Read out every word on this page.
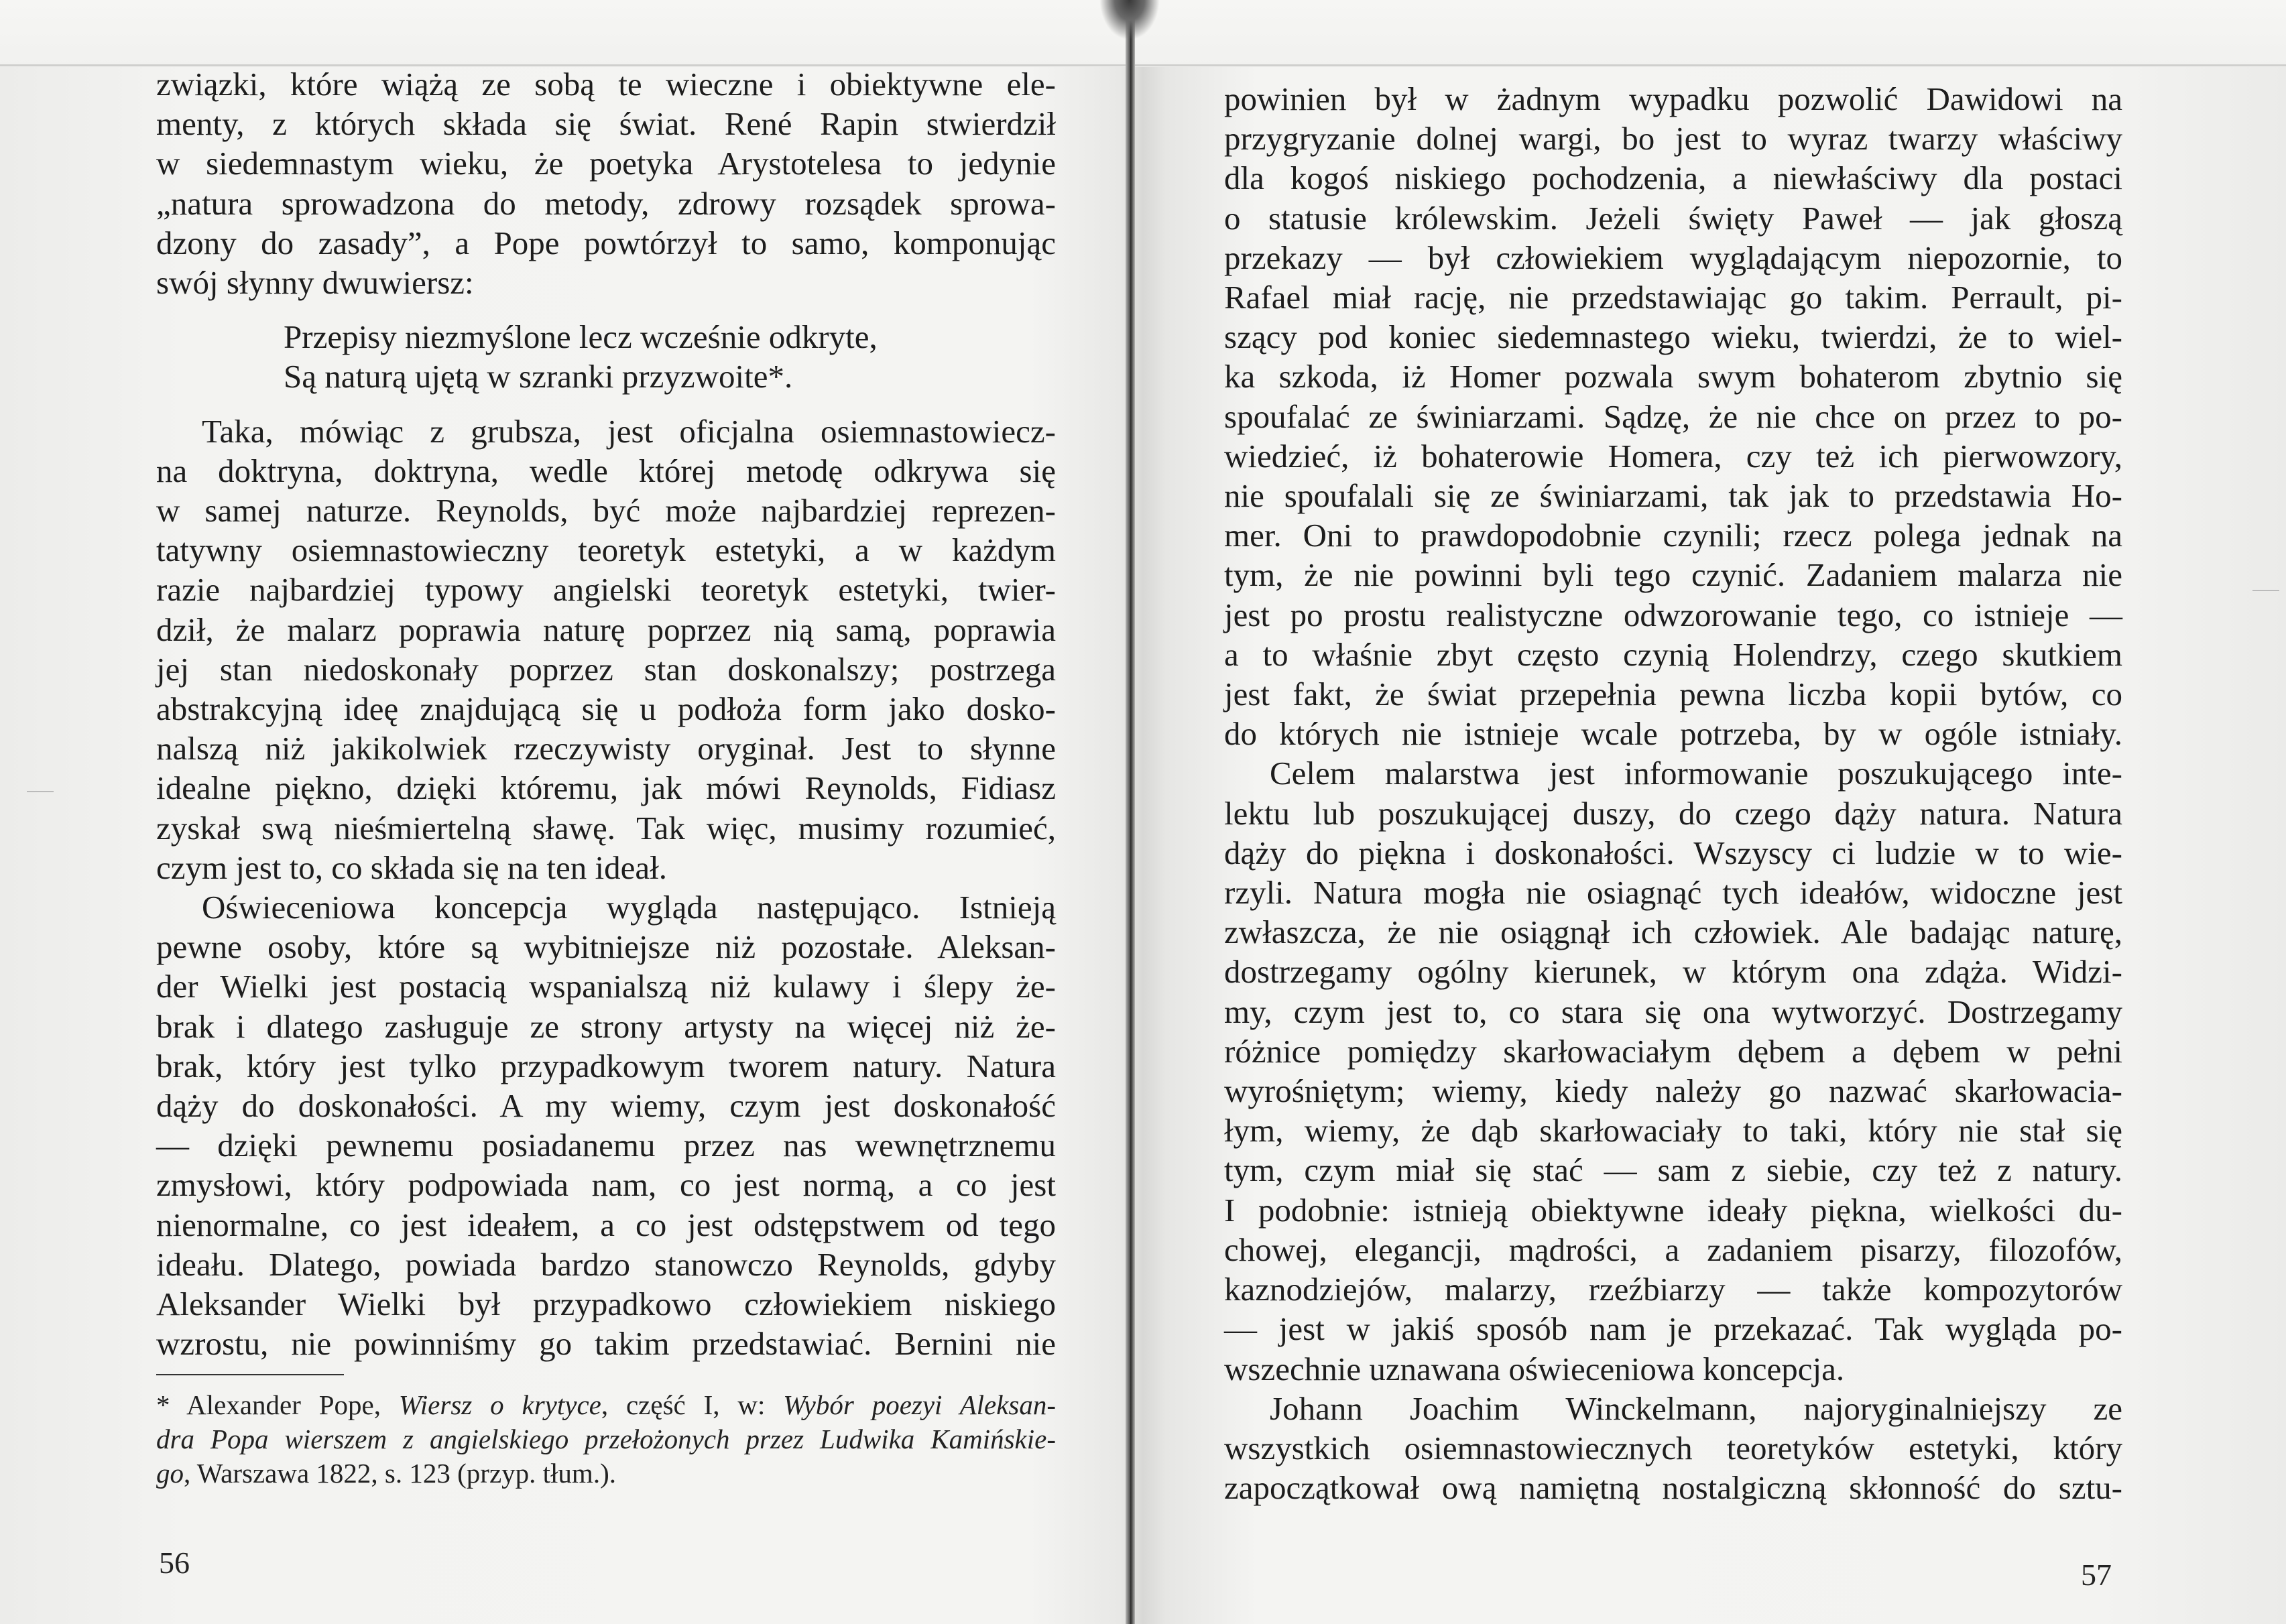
związki, które wiążą ze sobą te wieczne i obiektywne ele-
menty, z których składa się świat. René Rapin stwierdził
w siedemnastym wieku, że poetyka Arystotelesa to jedynie
„natura sprowadzona do metody, zdrowy rozsądek sprowa-
dzony do zasady”, a Pope powtórzył to samo, komponując
swój słynny dwuwiersz:
Przepisy niezmyślone lecz wcześnie odkryte,
Są naturą ujętą w szranki przyzwoite*.
Taka, mówiąc z grubsza, jest oficjalna osiemnastowiecz-
na doktryna, doktryna, wedle której metodę odkrywa się
w samej naturze. Reynolds, być może najbardziej reprezen-
tatywny osiemnastowieczny teoretyk estetyki, a w każdym
razie najbardziej typowy angielski teoretyk estetyki, twier-
dził, że malarz poprawia naturę poprzez nią samą, poprawia
jej stan niedoskonały poprzez stan doskonalszy; postrzega
abstrakcyjną ideę znajdującą się u podłoża form jako dosko-
nalszą niż jakikolwiek rzeczywisty oryginał. Jest to słynne
idealne piękno, dzięki któremu, jak mówi Reynolds, Fidiasz
zyskał swą nieśmiertelną sławę. Tak więc, musimy rozumieć,
czym jest to, co składa się na ten ideał.
Oświeceniowa koncepcja wygląda następująco. Istnieją
pewne osoby, które są wybitniejsze niż pozostałe. Aleksan-
der Wielki jest postacią wspanialszą niż kulawy i ślepy że-
brak i dlatego zasługuje ze strony artysty na więcej niż że-
brak, który jest tylko przypadkowym tworem natury. Natura
dąży do doskonałości. A my wiemy, czym jest doskonałość
— dzięki pewnemu posiadanemu przez nas wewnętrznemu
zmysłowi, który podpowiada nam, co jest normą, a co jest
nienormalne, co jest ideałem, a co jest odstępstwem od tego
ideału. Dlatego, powiada bardzo stanowczo Reynolds, gdyby
Aleksander Wielki był przypadkowo człowiekiem niskiego
wzrostu, nie powinniśmy go takim przedstawiać. Bernini nie
* Alexander Pope, Wiersz o krytyce, część I, w: Wybór poezyi Aleksan-
dra Popa wierszem z angielskiego przełożonych przez Ludwika Kamińskie-
go, Warszawa 1822, s. 123 (przyp. tłum.).
56
powinien był w żadnym wypadku pozwolić Dawidowi na
przygryzanie dolnej wargi, bo jest to wyraz twarzy właściwy
dla kogoś niskiego pochodzenia, a niewłaściwy dla postaci
o statusie królewskim. Jeżeli święty Paweł — jak głoszą
przekazy — był człowiekiem wyglądającym niepozornie, to
Rafael miał rację, nie przedstawiając go takim. Perrault, pi-
szący pod koniec siedemnastego wieku, twierdzi, że to wiel-
ka szkoda, iż Homer pozwala swym bohaterom zbytnio się
spoufalać ze świniarzami. Sądzę, że nie chce on przez to po-
wiedzieć, iż bohaterowie Homera, czy też ich pierwowzory,
nie spoufalali się ze świniarzami, tak jak to przedstawia Ho-
mer. Oni to prawdopodobnie czynili; rzecz polega jednak na
tym, że nie powinni byli tego czynić. Zadaniem malarza nie
jest po prostu realistyczne odwzorowanie tego, co istnieje —
a to właśnie zbyt często czynią Holendrzy, czego skutkiem
jest fakt, że świat przepełnia pewna liczba kopii bytów, co
do których nie istnieje wcale potrzeba, by w ogóle istniały.
Celem malarstwa jest informowanie poszukującego inte-
lektu lub poszukującej duszy, do czego dąży natura. Natura
dąży do piękna i doskonałości. Wszyscy ci ludzie w to wie-
rzyli. Natura mogła nie osiagnąć tych ideałów, widoczne jest
zwłaszcza, że nie osiągnął ich człowiek. Ale badając naturę,
dostrzegamy ogólny kierunek, w którym ona zdąża. Widzi-
my, czym jest to, co stara się ona wytworzyć. Dostrzegamy
różnice pomiędzy skarłowaciałym dębem a dębem w pełni
wyrośniętym; wiemy, kiedy należy go nazwać skarłowacia-
łym, wiemy, że dąb skarłowaciały to taki, który nie stał się
tym, czym miał się stać — sam z siebie, czy też z natury.
I podobnie: istnieją obiektywne ideały piękna, wielkości du-
chowej, elegancji, mądrości, a zadaniem pisarzy, filozofów,
kaznodziejów, malarzy, rzeźbiarzy — także kompozytorów
— jest w jakiś sposób nam je przekazać. Tak wygląda po-
wszechnie uznawana oświeceniowa koncepcja.
Johann Joachim Winckelmann, najoryginalniejszy ze
wszystkich osiemnastowiecznych teoretyków estetyki, który
zapoczątkował ową namiętną nostalgiczną skłonność do sztu-
57
